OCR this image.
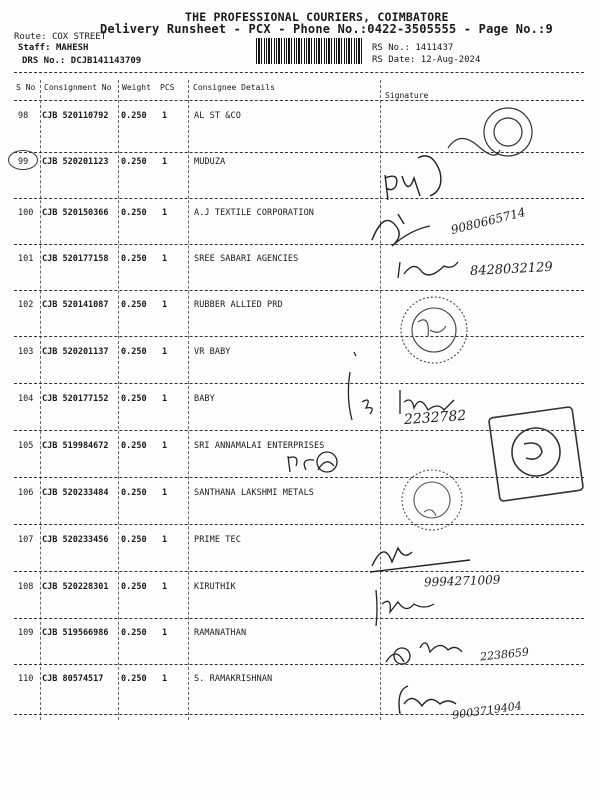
THE PROFESSIONAL COURIERS, COIMBATORE
Delivery Runsheet - PCX - Phone No.:0422-3505555 - Page No.:9
Route: COX STREET
Staff: MAHESH
DRS No.: DCJB141143709
RS No.: 1411437
RS Date: 12-Aug-2024
S No Consignment No Weight PCS Consignee Details
Signature
98 CJB 520110792 0.250 1	AL ST &CO
99 CJB 520201123 0.250 1	MUDUZA
100 CJB 520150366 0.250 1	A.J TEXTILE CORPORATION
101 CJB 520177158 0.250 1	SREE SABARI AGENCIES
102 CJB 520141087 0.250 1	RUBBER ALLIED PRD
103 CJB 520201137 0.250 1	VR BABY
104 CJB 520177152 0.250 1	BABY
105 CJB 519984672 0.250 1	SRI ANNAMALAI ENTERPRISES
106 CJB 520233484 0.250 1	SANTHANA LAKSHMI METALS
107 CJB 520233456 0.250 1	PRIME TEC
108 CJB 520228301 0.250 1	KIRUTHIK
109 CJB 519566986 0.250 1	RAMANATHAN
110 CJB 80574517 0.250 1	S. RAMAKRISHNAN
9080665714
8428032129
2232782
9994271009
2238659
9003719404
